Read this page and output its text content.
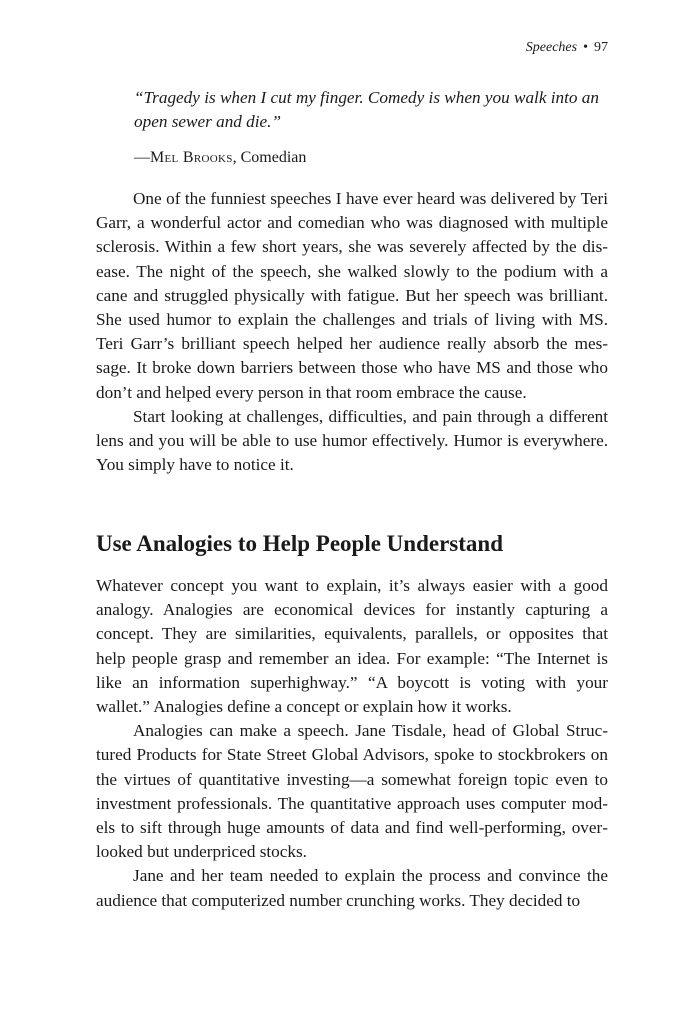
Speeches • 97
“Tragedy is when I cut my finger. Comedy is when you walk into an open sewer and die.”
—Mel Brooks, Comedian

One of the funniest speeches I have ever heard was delivered by Teri Garr, a wonderful actor and comedian who was diagnosed with multiple sclerosis. Within a few short years, she was severely affected by the disease. The night of the speech, she walked slowly to the podium with a cane and struggled physically with fatigue. But her speech was brilliant. She used humor to explain the challenges and trials of living with MS. Teri Garr’s brilliant speech helped her audience really absorb the message. It broke down barriers between those who have MS and those who don’t and helped every person in that room embrace the cause.

Start looking at challenges, difficulties, and pain through a different lens and you will be able to use humor effectively. Humor is everywhere. You simply have to notice it.

Use Analogies to Help People Understand

Whatever concept you want to explain, it’s always easier with a good analogy. Analogies are economical devices for instantly capturing a concept. They are similarities, equivalents, parallels, or opposites that help people grasp and remember an idea. For example: “The Internet is like an information superhighway.” “A boycott is voting with your wallet.” Analogies define a concept or explain how it works.

Analogies can make a speech. Jane Tisdale, head of Global Structured Products for State Street Global Advisors, spoke to stockbrokers on the virtues of quantitative investing—a somewhat foreign topic even to investment professionals. The quantitative approach uses computer models to sift through huge amounts of data and find well-performing, overlooked but underpriced stocks.

Jane and her team needed to explain the process and convince the audience that computerized number crunching works. They decided to
